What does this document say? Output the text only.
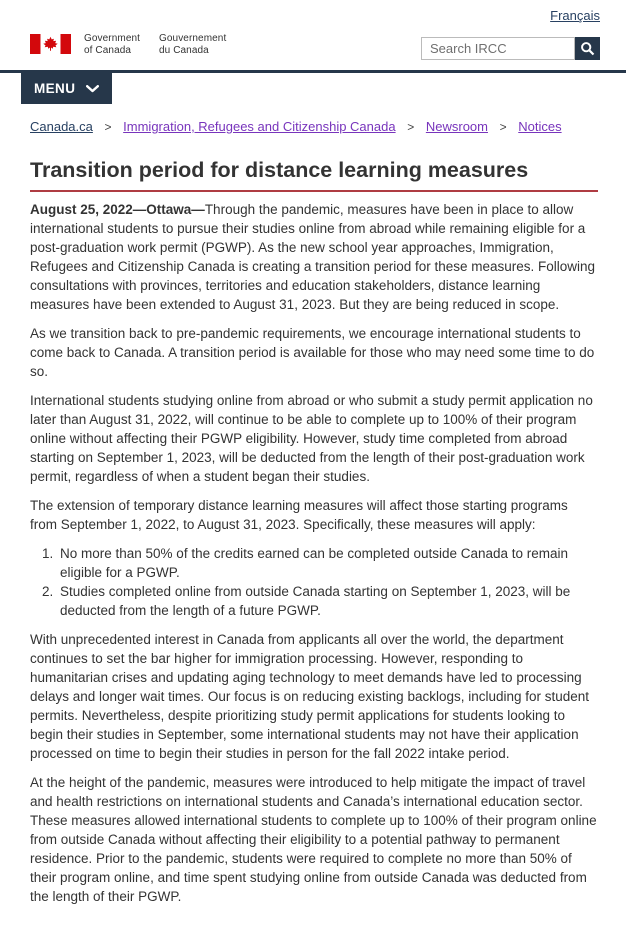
Français
Government of Canada
Gouvernement du Canada
Search IRCC
MENU
Canada.ca > Immigration, Refugees and Citizenship Canada > Newsroom > Notices
Transition period for distance learning measures

August 25, 2022—Ottawa—Through the pandemic, measures have been in place to allow international students to pursue their studies online from abroad while remaining eligible for a post-graduation work permit (PGWP). As the new school year approaches, Immigration, Refugees and Citizenship Canada is creating a transition period for these measures. Following consultations with provinces, territories and education stakeholders, distance learning measures have been extended to August 31, 2023. But they are being reduced in scope.

As we transition back to pre-pandemic requirements, we encourage international students to come back to Canada. A transition period is available for those who may need some time to do so.

International students studying online from abroad or who submit a study permit application no later than August 31, 2022, will continue to be able to complete up to 100% of their program online without affecting their PGWP eligibility. However, study time completed from abroad starting on September 1, 2023, will be deducted from the length of their post-graduation work permit, regardless of when a student began their studies.

The extension of temporary distance learning measures will affect those starting programs from September 1, 2022, to August 31, 2023. Specifically, these measures will apply:

1. No more than 50% of the credits earned can be completed outside Canada to remain eligible for a PGWP.
2. Studies completed online from outside Canada starting on September 1, 2023, will be deducted from the length of a future PGWP.

With unprecedented interest in Canada from applicants all over the world, the department continues to set the bar higher for immigration processing. However, responding to humanitarian crises and updating aging technology to meet demands have led to processing delays and longer wait times. Our focus is on reducing existing backlogs, including for student permits. Nevertheless, despite prioritizing study permit applications for students looking to begin their studies in September, some international students may not have their application processed on time to begin their studies in person for the fall 2022 intake period.

At the height of the pandemic, measures were introduced to help mitigate the impact of travel and health restrictions on international students and Canada’s international education sector. These measures allowed international students to complete up to 100% of their program online from outside Canada without affecting their eligibility to a potential pathway to permanent residence. Prior to the pandemic, students were required to complete no more than 50% of their program online, and time spent studying online from outside Canada was deducted from the length of their PGWP.
